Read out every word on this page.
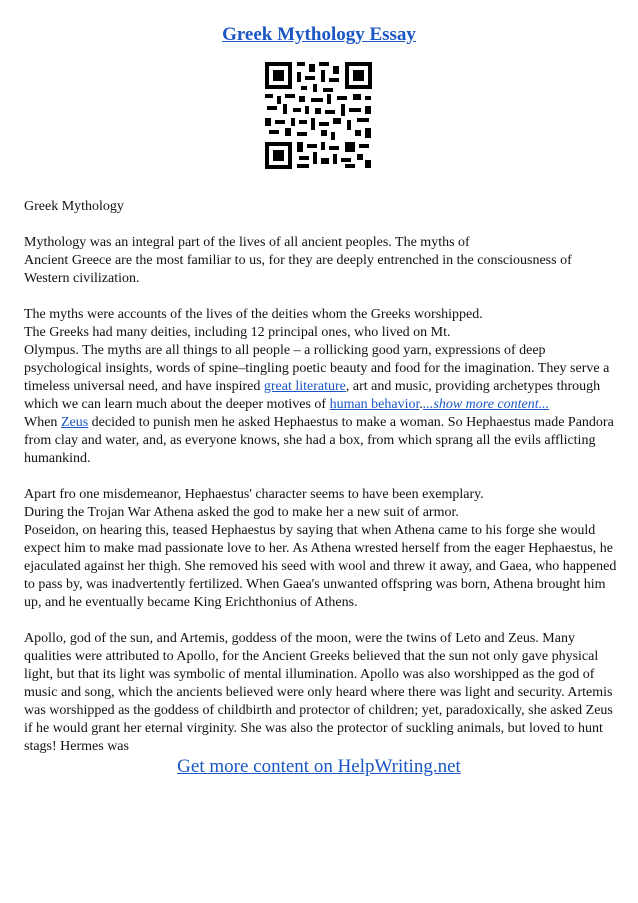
Greek Mythology Essay

Greek Mythology

Mythology was an integral part of the lives of all ancient peoples. The myths of
Ancient Greece are the most familiar to us, for they are deeply entrenched in the consciousness of Western civilization.

The myths were accounts of the lives of the deities whom the Greeks worshipped.
The Greeks had many deities, including 12 principal ones, who lived on Mt.
Olympus. The myths are all things to all people – a rollicking good yarn, expressions of deep psychological insights, words of spine–tingling poetic beauty and food for the imagination. They serve a timeless universal need, and have inspired great literature, art and music, providing archetypes through which we can learn much about the deeper motives of human behavior....show more content...

When Zeus decided to punish men he asked Hephaestus to make a woman. So Hephaestus made Pandora from clay and water, and, as everyone knows, she had a box, from which sprang all the evils afflicting humankind.

Apart fro one misdemeanor, Hephaestus' character seems to have been exemplary.
During the Trojan War Athena asked the god to make her a new suit of armor.
Poseidon, on hearing this, teased Hephaestus by saying that when Athena came to his forge she would expect him to make mad passionate love to her. As Athena wrested herself from the eager Hephaestus, he ejaculated against her thigh. She removed his seed with wool and threw it away, and Gaea, who happened to pass by, was inadvertently fertilized. When Gaea's unwanted offspring was born, Athena brought him up, and he eventually became King Erichthonius of Athens.

Apollo, god of the sun, and Artemis, goddess of the moon, were the twins of Leto and Zeus. Many qualities were attributed to Apollo, for the Ancient Greeks believed that the sun not only gave physical light, but that its light was symbolic of mental illumination. Apollo was also worshipped as the god of music and song, which the ancients believed were only heard where there was light and security. Artemis was worshipped as the goddess of childbirth and protector of children; yet, paradoxically, she asked Zeus if he would grant her eternal virginity. She was also the protector of suckling animals, but loved to hunt stags! Hermes was

Get more content on HelpWriting.net
